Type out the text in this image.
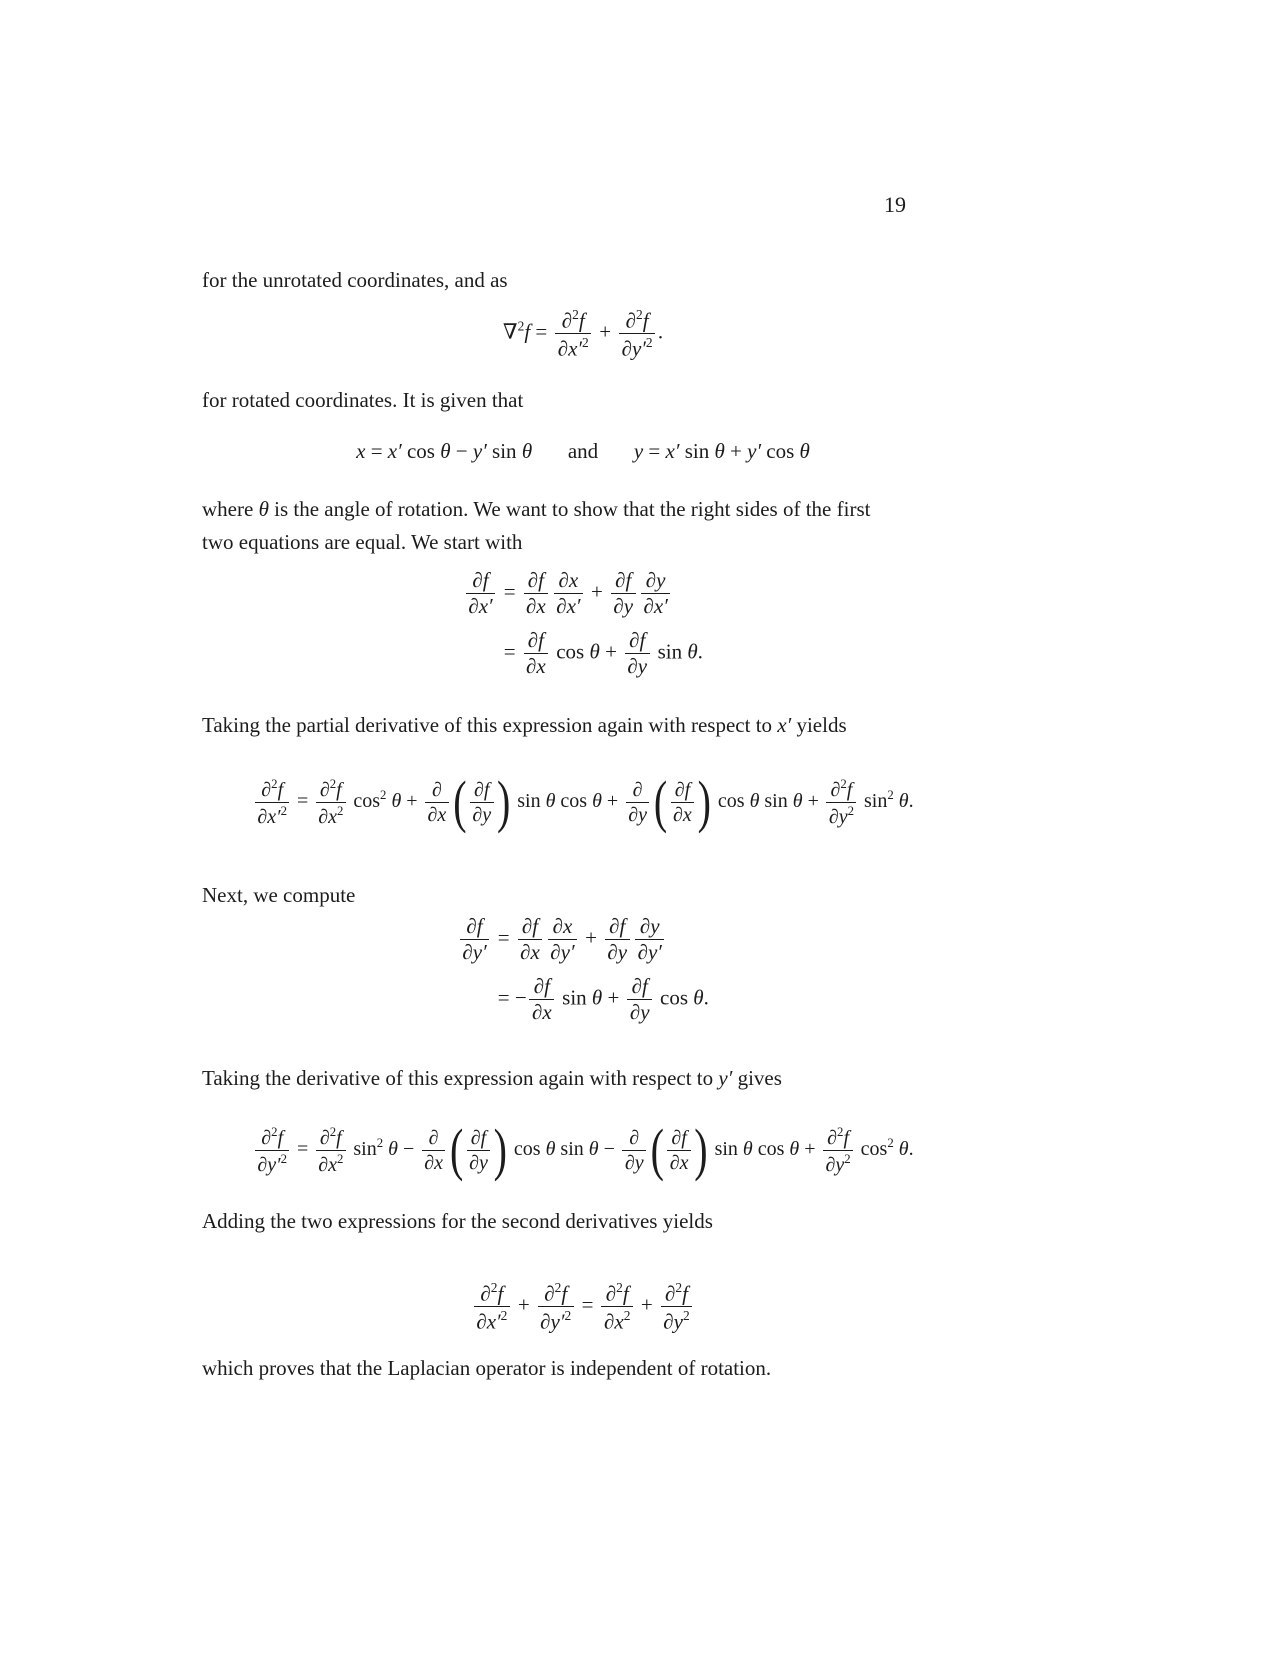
19
for the unrotated coordinates, and as
$\nabla^2f = \frac{\partial^2f}{\partial x'^2} + \frac{\partial^2f}{\partial y'^2}$ .
for rotated coordinates. It is given that
x = x′ cos θ − y′ sin θ and y = x′ sin θ + y′ cos θ
where θ is the angle of rotation. We want to show that the right sides of the first
two equations are equal. We start with
$\frac{\partial f}{\partial x'} = \frac{\partial f}{\partial x} \frac{\partial x}{\partial x'} + \frac{\partial f}{\partial y} \frac{\partial y}{\partial x'}$
= $\frac{\partial f}{\partial x}$ $\cos \theta + \frac{\partial f}{\partial y}$ sin θ.
Taking the partial derivative of this expression again with respect to x′ yields
$\frac{\partial^2f}{\partial x'^2} = \frac{\partial^2f}{\partial x^2} \cos^2 \theta + \frac{\partial}{\partial x}$ ( $\frac{\partial f}{\partial y}$ ) sin θ $\cos \theta + \frac{\partial}{\partial y}$ ( $\frac{\partial f}{\partial x}$ ) cos θ $\sin \theta + \frac{\partial^2f}{\partial y^2} \sin^2 \theta$.
Next, we compute
$\frac{\partial f}{\partial y'} = \frac{\partial f}{\partial x} \frac{\partial x}{\partial y'} + \frac{\partial f}{\partial y} \frac{\partial y}{\partial y'}$
= − $\frac{\partial f}{\partial x}$ $\sin \theta + \frac{\partial f}{\partial y}$ cos θ.
Taking the derivative of this expression again with respect to y′ gives
$\frac{\partial^2f}{\partial y'^2} = \frac{\partial^2f}{\partial x^2} \sin^2 \theta - \frac{\partial}{\partial x}$ ( $\frac{\partial f}{\partial y}$ ) cos θ $\sin \theta - \frac{\partial}{\partial y}$ ( $\frac{\partial f}{\partial x}$ ) sin θ $\cos \theta + \frac{\partial^2f}{\partial y^2} \cos^2 \theta$.
Adding the two expressions for the second derivatives yields
$\frac{\partial^2f}{\partial x'^2} + \frac{\partial^2f}{\partial y'^2} = \frac{\partial^2f}{\partial x^2} + \frac{\partial^2f}{\partial y^2}$
which proves that the Laplacian operator is independent of rotation.
